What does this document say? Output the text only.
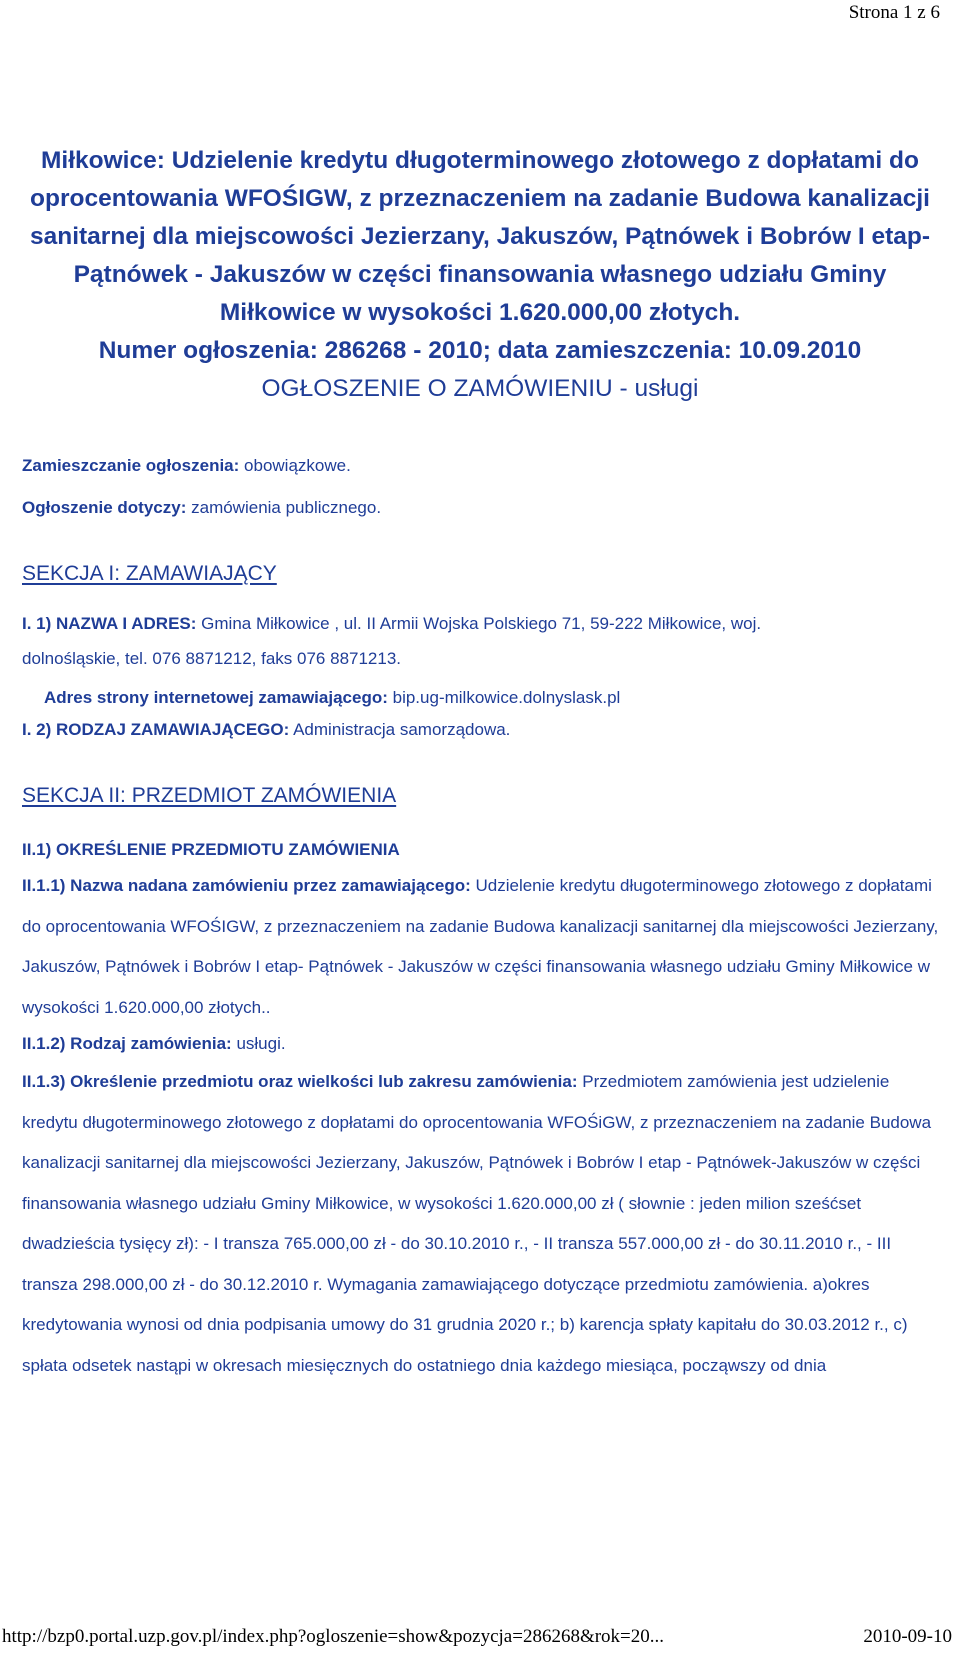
Strona 1 z 6
Miłkowice: Udzielenie kredytu długoterminowego złotowego z dopłatami do oprocentowania WFOŚIGW, z przeznaczeniem na zadanie Budowa kanalizacji sanitarnej dla miejscowości Jezierzany, Jakuszów, Pątnówek i Bobrów I etap- Pątnówek - Jakuszów w części finansowania własnego udziału Gminy Miłkowice w wysokości 1.620.000,00 złotych.
Numer ogłoszenia: 286268 - 2010; data zamieszczenia: 10.09.2010
OGŁOSZENIE O ZAMÓWIENIU - usługi
Zamieszczanie ogłoszenia: obowiązkowe.
Ogłoszenie dotyczy: zamówienia publicznego.
SEKCJA I: ZAMAWIAJĄCY
I. 1) NAZWA I ADRES: Gmina Miłkowice , ul. II Armii Wojska Polskiego 71, 59-222 Miłkowice, woj.
dolnośląskie, tel. 076 8871212, faks 076 8871213.
Adres strony internetowej zamawiającego: bip.ug-milkowice.dolnyslask.pl
I. 2) RODZAJ ZAMAWIAJĄCEGO: Administracja samorządowa.
SEKCJA II: PRZEDMIOT ZAMÓWIENIA
II.1) OKREŚLENIE PRZEDMIOTU ZAMÓWIENIA
II.1.1) Nazwa nadana zamówieniu przez zamawiającego: Udzielenie kredytu długoterminowego złotowego z dopłatami do oprocentowania WFOŚIGW, z przeznaczeniem na zadanie Budowa kanalizacji sanitarnej dla miejscowości Jezierzany, Jakuszów, Pątnówek i Bobrów I etap- Pątnówek - Jakuszów w części finansowania własnego udziału Gminy Miłkowice w wysokości 1.620.000,00 złotych..
II.1.2) Rodzaj zamówienia: usługi.
II.1.3) Określenie przedmiotu oraz wielkości lub zakresu zamówienia: Przedmiotem zamówienia jest udzielenie kredytu długoterminowego złotowego z dopłatami do oprocentowania WFOŚiGW, z przeznaczeniem na zadanie Budowa kanalizacji sanitarnej dla miejscowości Jezierzany, Jakuszów, Pątnówek i Bobrów I etap - Pątnówek-Jakuszów w części finansowania własnego udziału Gminy Miłkowice, w wysokości 1.620.000,00 zł ( słownie : jeden milion sześćset dwadzieścia tysięcy zł): - I transza 765.000,00 zł - do 30.10.2010 r., - II transza 557.000,00 zł - do 30.11.2010 r., - III transza 298.000,00 zł - do 30.12.2010 r. Wymagania zamawiającego dotyczące przedmiotu zamówienia. a)okres kredytowania wynosi od dnia podpisania umowy do 31 grudnia 2020 r.; b) karencja spłaty kapitału do 30.03.2012 r., c) spłata odsetek nastąpi w okresach miesięcznych do ostatniego dnia każdego miesiąca, począwszy od dnia
http://bzp0.portal.uzp.gov.pl/index.php?ogloszenie=show&pozycja=286268&rok=20...	2010-09-10
